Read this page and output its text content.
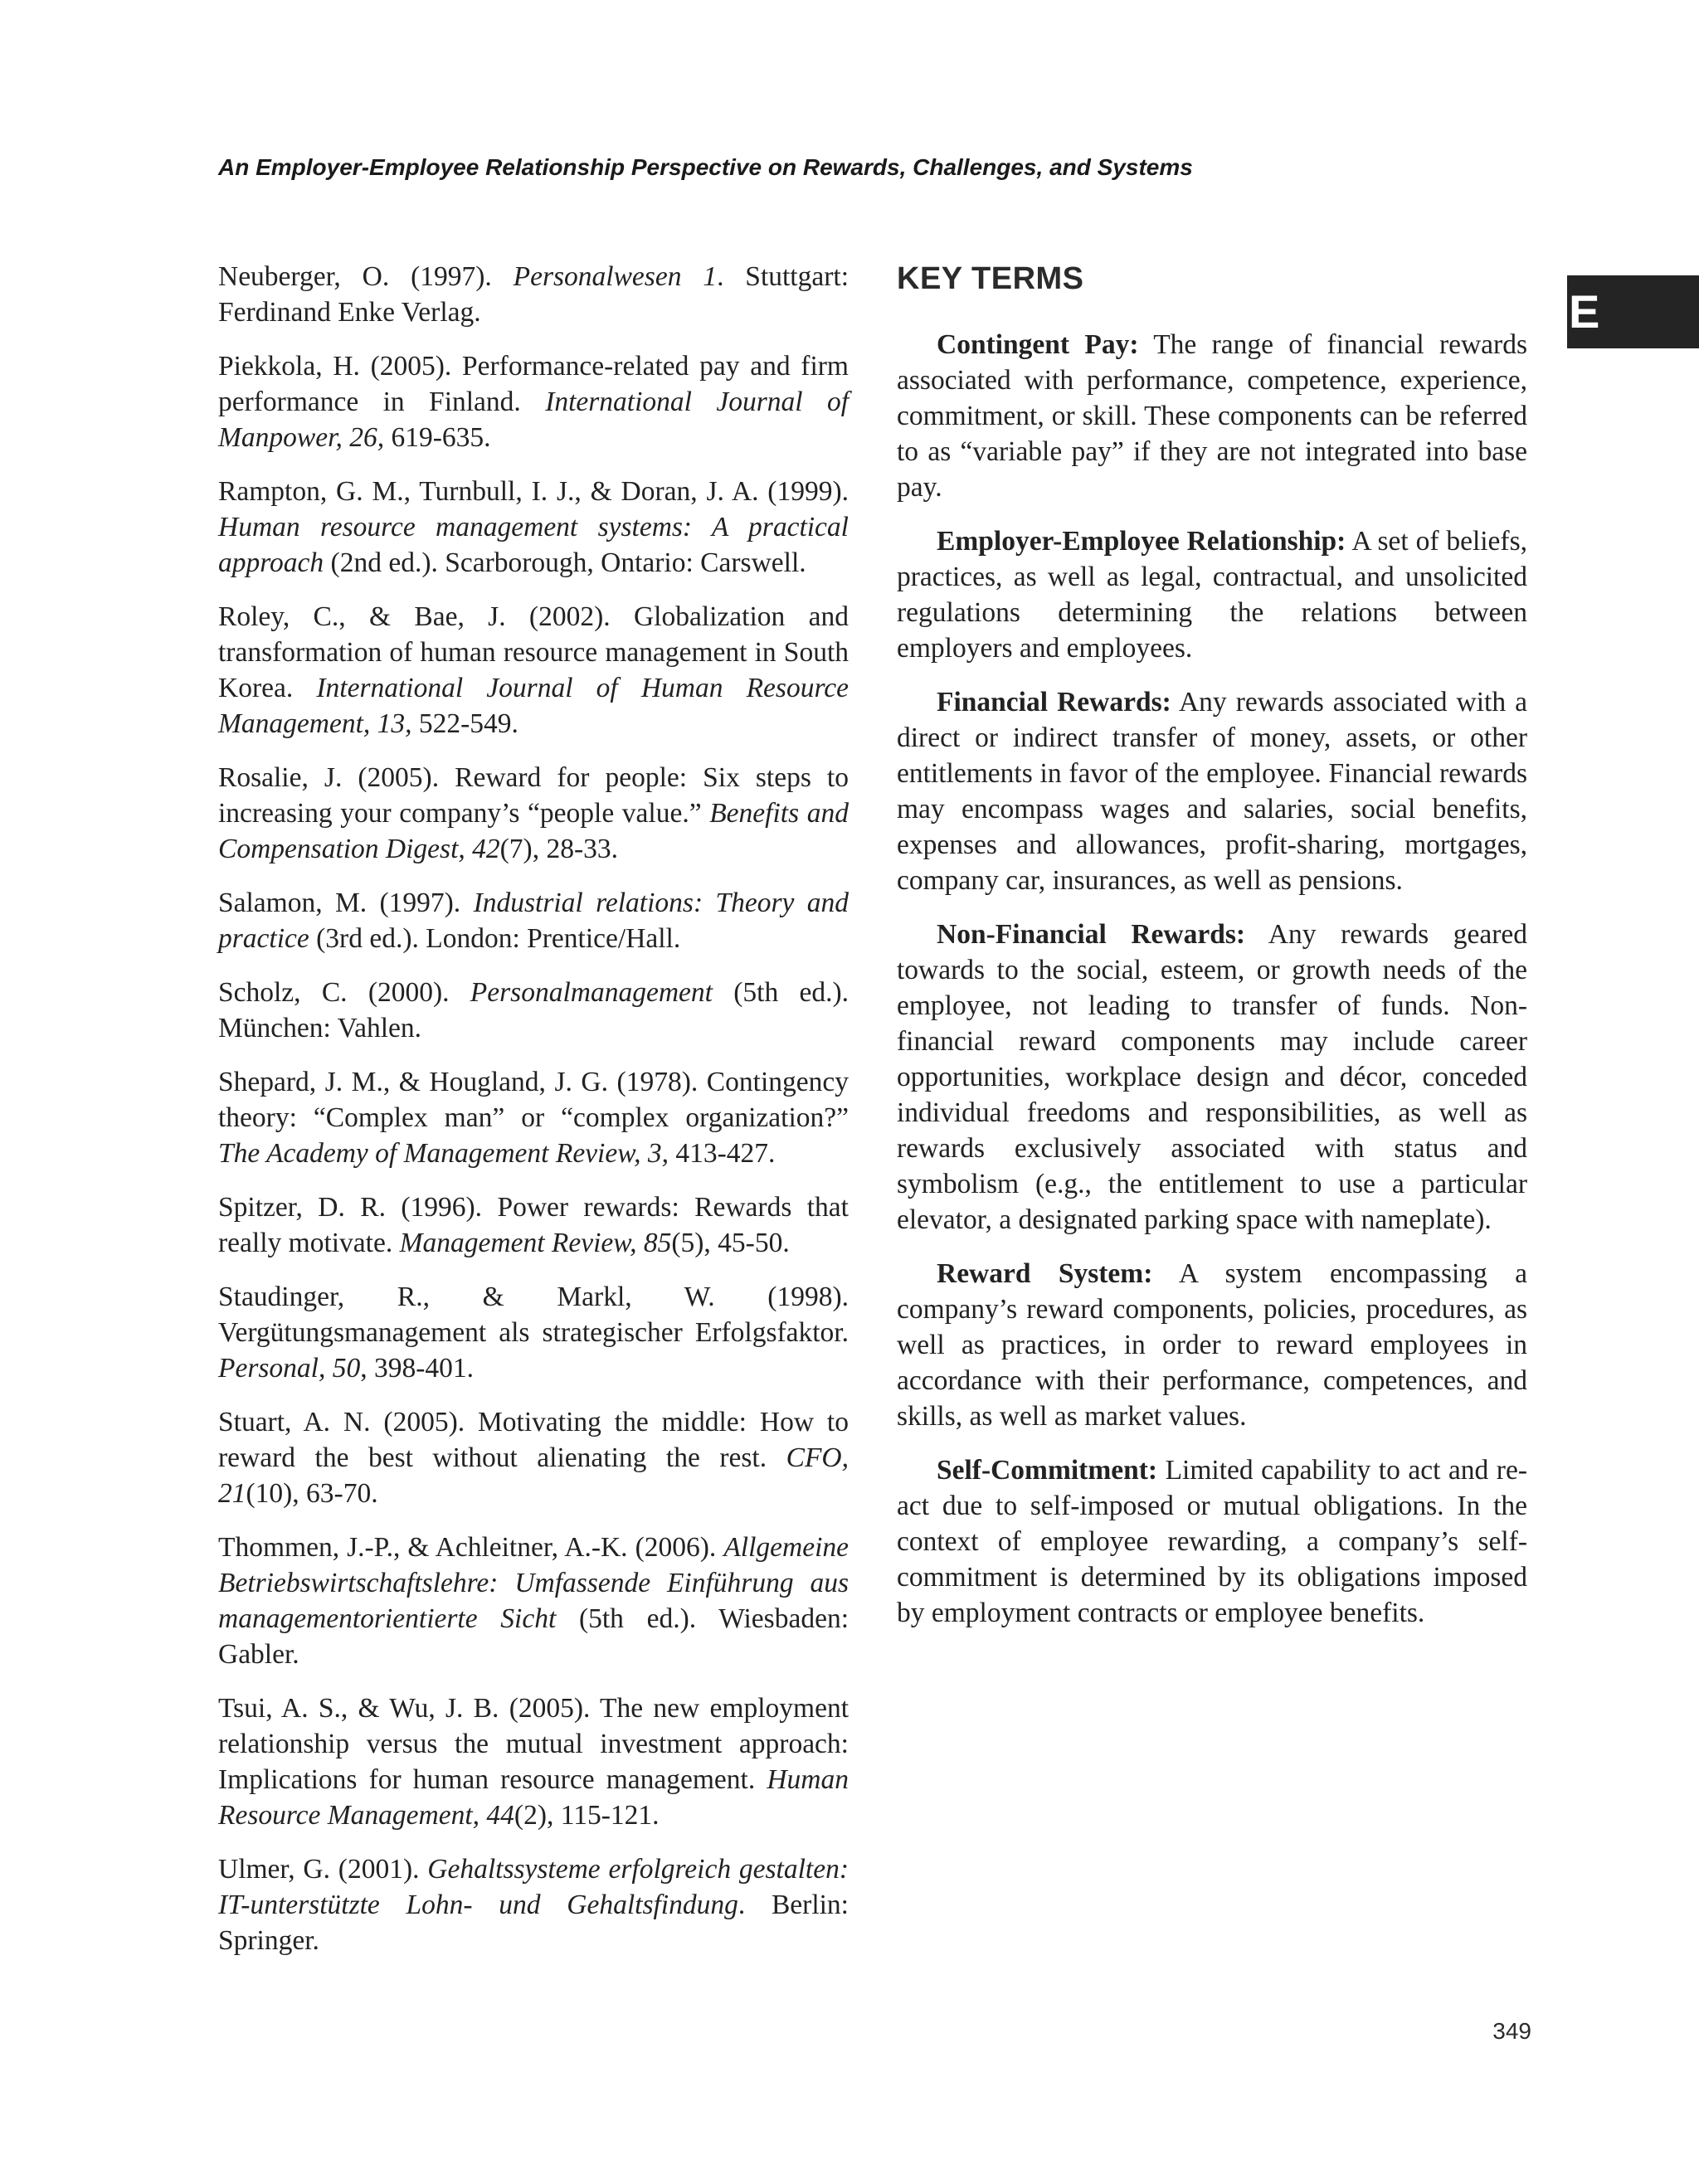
An Employer-Employee Relationship Perspective on Rewards, Challenges, and Systems
E

Neuberger, O. (1997). Personalwesen 1. Stuttgart: Ferdinand Enke Verlag.

Piekkola, H. (2005). Performance-related pay and firm performance in Finland. International Journal of Manpower, 26, 619-635.

Rampton, G. M., Turnbull, I. J., & Doran, J. A. (1999). Human resource management systems: A practical approach (2nd ed.). Scarborough, Ontario: Carswell.

Roley, C., & Bae, J. (2002). Globalization and transformation of human resource management in South Korea. International Journal of Human Resource Management, 13, 522-549.

Rosalie, J. (2005). Reward for people: Six steps to increasing your company’s “people value.” Benefits and Compensation Digest, 42(7), 28-33.

Salamon, M. (1997). Industrial relations: Theory and practice (3rd ed.). London: Prentice/Hall.

Scholz, C. (2000). Personalmanagement (5th ed.). München: Vahlen.

Shepard, J. M., & Hougland, J. G. (1978). Contingency theory: “Complex man” or “complex organization?” The Academy of Management Review, 3, 413-427.

Spitzer, D. R. (1996). Power rewards: Rewards that really motivate. Management Review, 85(5), 45-50.

Staudinger, R., & Markl, W. (1998). Vergütungsmanagement als strategischer Erfolgsfaktor. Personal, 50, 398-401.

Stuart, A. N. (2005). Motivating the middle: How to reward the best without alienating the rest. CFO, 21(10), 63-70.

Thommen, J.-P., & Achleitner, A.-K. (2006). Allgemeine Betriebswirtschaftslehre: Umfassende Einführung aus managementorientierte Sicht (5th ed.). Wiesbaden: Gabler.

Tsui, A. S., & Wu, J. B. (2005). The new employment relationship versus the mutual investment approach: Implications for human resource management. Human Resource Management, 44(2), 115-121.

Ulmer, G. (2001). Gehaltssysteme erfolgreich gestalten: IT-unterstützte Lohn- und Gehaltsfindung. Berlin: Springer.

KEY TERMS

Contingent Pay: The range of financial rewards associated with performance, competence, experience, commitment, or skill. These components can be referred to as “variable pay” if they are not integrated into base pay.

Employer-Employee Relationship: A set of beliefs, practices, as well as legal, contractual, and unsolicited regulations determining the relations between employers and employees.

Financial Rewards: Any rewards associated with a direct or indirect transfer of money, assets, or other entitlements in favor of the employee. Financial rewards may encompass wages and salaries, social benefits, expenses and allowances, profit-sharing, mortgages, company car, insurances, as well as pensions.

Non-Financial Rewards: Any rewards geared towards to the social, esteem, or growth needs of the employee, not leading to transfer of funds. Non-financial reward components may include career opportunities, workplace design and décor, conceded individual freedoms and responsibilities, as well as rewards exclusively associated with status and symbolism (e.g., the entitlement to use a particular elevator, a designated parking space with nameplate).

Reward System: A system encompassing a company’s reward components, policies, procedures, as well as practices, in order to reward employees in accordance with their performance, competences, and skills, as well as market values.

Self-Commitment: Limited capability to act and re-act due to self-imposed or mutual obligations. In the context of employee rewarding, a company’s self-commitment is determined by its obligations imposed by employment contracts or employee benefits.

349
